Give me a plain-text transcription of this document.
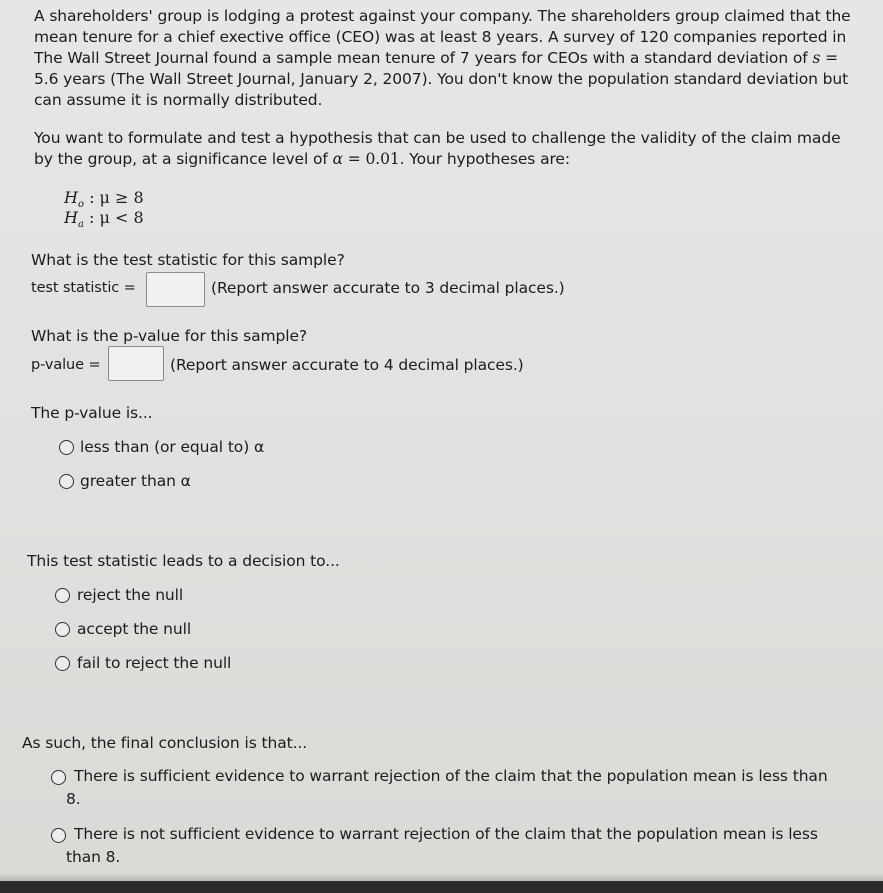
A shareholders' group is lodging a protest against your company. The shareholders group claimed that the
mean tenure for a chief exective office (CEO) was at least 8 years. A survey of 120 companies reported in
The Wall Street Journal found a sample mean tenure of 7 years for CEOs with a standard deviation of s =
5.6 years (The Wall Street Journal, January 2, 2007). You don't know the population standard deviation but
can assume it is normally distributed.
You want to formulate and test a hypothesis that can be used to challenge the validity of the claim made
by the group, at a significance level of α = 0.01. Your hypotheses are:
$H_o$ : μ ≥ 8
$H_a$ : μ < 8
What is the test statistic for this sample?
test statistic =	(Report answer accurate to 3 decimal places.)
What is the p-value for this sample?
p-value =	(Report answer accurate to 4 decimal places.)
The p-value is...
less than (or equal to) α
greater than α
This test statistic leads to a decision to...
reject the null
accept the null
fail to reject the null
As such, the final conclusion is that...
There is sufficient evidence to warrant rejection of the claim that the population mean is less than
8.
There is not sufficient evidence to warrant rejection of the claim that the population mean is less
than 8.
